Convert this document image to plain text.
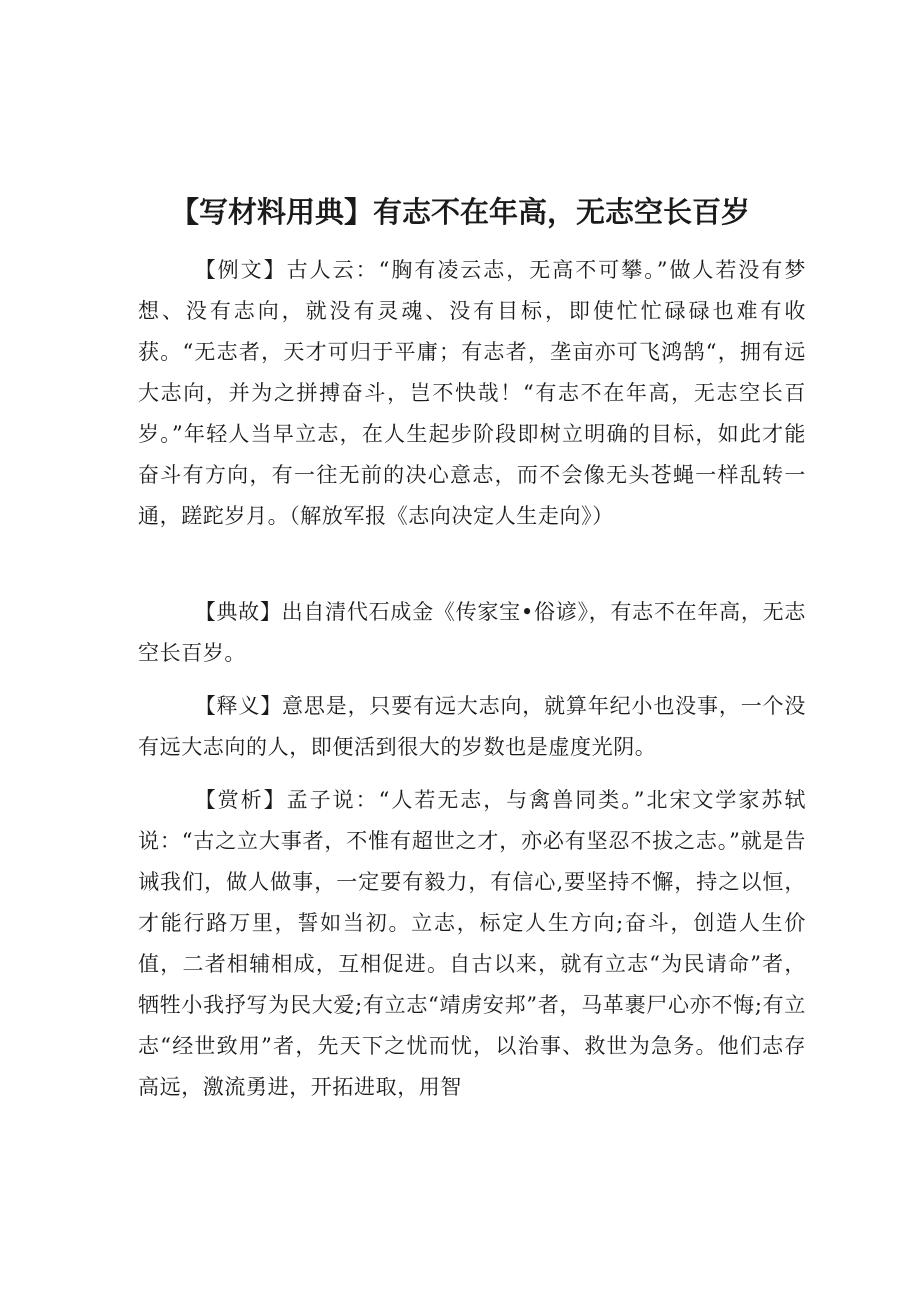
【写材料用典】有志不在年高，无志空长百岁

【例文】古人云：“胸有凌云志，无高不可攀。”做人若没有梦想、没有志向，就没有灵魂、没有目标，即使忙忙碌碌也难有收获。“无志者，天才可归于平庸；有志者，垄亩亦可飞鸿鹄“，拥有远大志向，并为之拼搏奋斗，岂不快哉！“有志不在年高，无志空长百岁。”年轻人当早立志，在人生起步阶段即树立明确的目标，如此才能奋斗有方向，有一往无前的决心意志，而不会像无头苍蝇一样乱转一通，蹉跎岁月。（解放军报《志向决定人生走向》）

【典故】出自清代石成金《传家宝•俗谚》，有志不在年高，无志空长百岁。

【释义】意思是，只要有远大志向，就算年纪小也没事，一个没有远大志向的人，即便活到很大的岁数也是虚度光阴。

【赏析】孟子说：“人若无志，与禽兽同类。”北宋文学家苏轼说：“古之立大事者，不惟有超世之才，亦必有坚忍不拔之志。”就是告诫我们，做人做事，一定要有毅力，有信心,要坚持不懈，持之以恒，才能行路万里，誓如当初。立志，标定人生方向;奋斗，创造人生价值，二者相辅相成，互相促进。自古以来，就有立志“为民请命”者，牺牲小我抒写为民大爱;有立志“靖虏安邦”者，马革裹尸心亦不悔;有立志“经世致用”者，先天下之忧而忧，以治事、救世为急务。他们志存高远，激流勇进，开拓进取，用智
